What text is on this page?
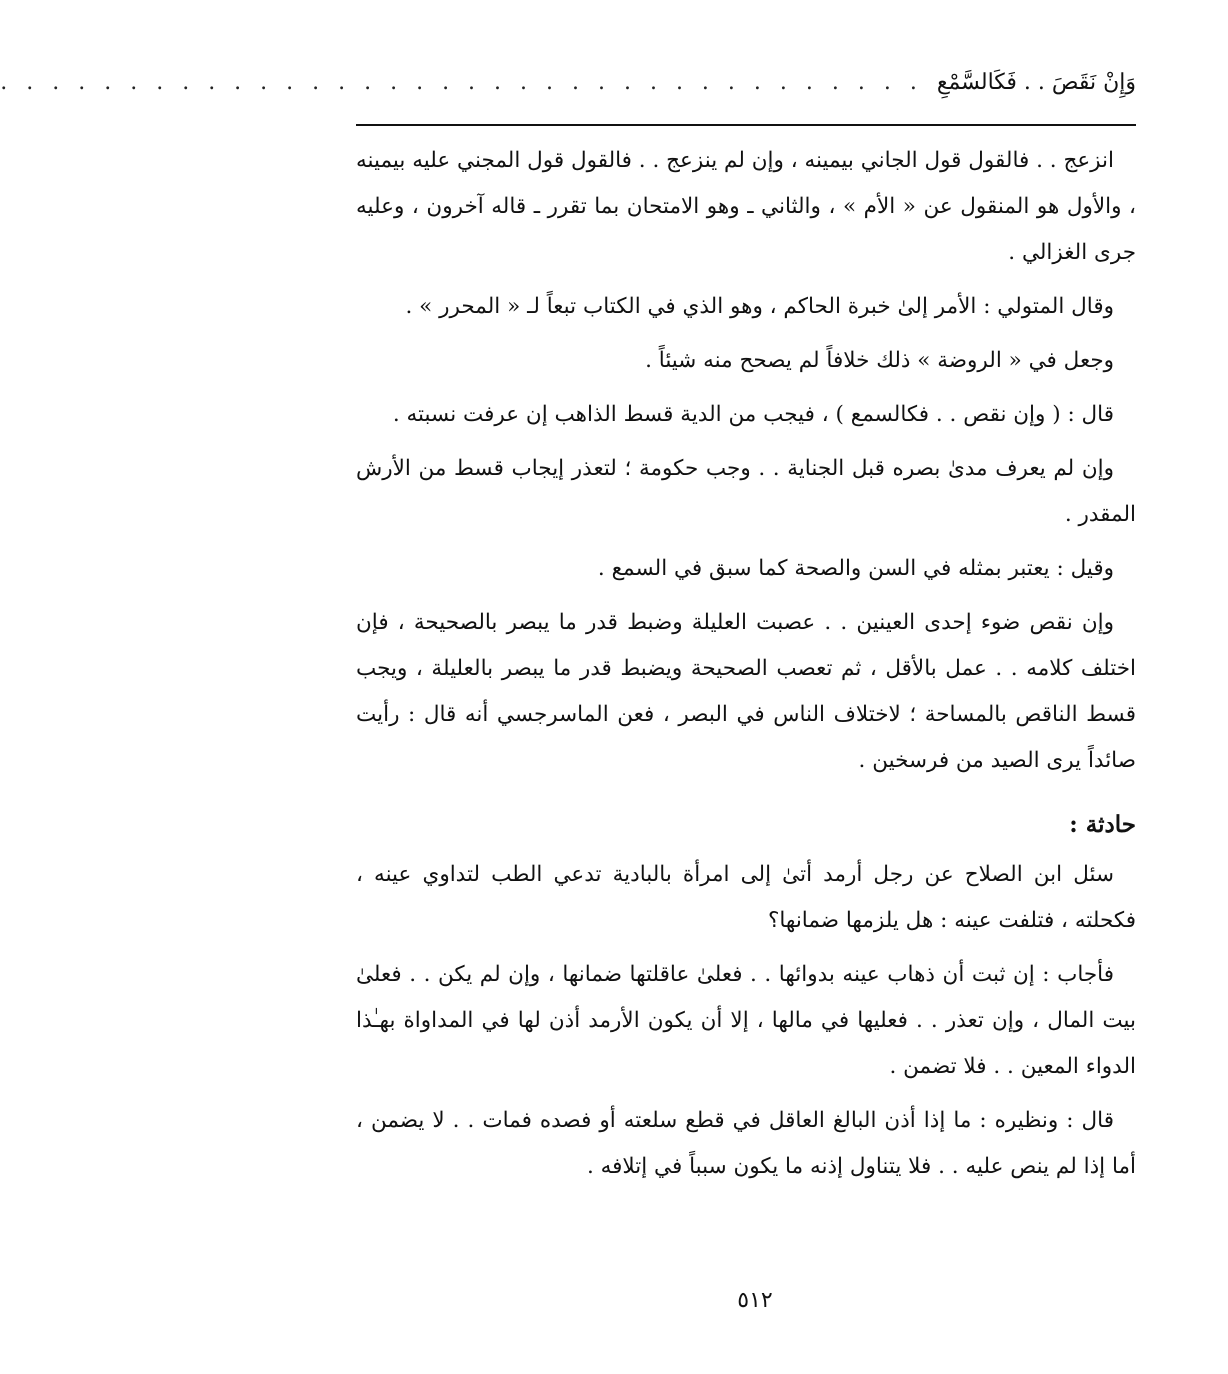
وَإِنْ نَقَصَ . . فَكَالسَّمْعِ
. . . . . . . . . . . . . . . . . . . . . . . . . . . . . . . . . . . .

انزعج . . فالقول قول الجاني بيمينه ، وإن لم ينزعج . . فالقول قول المجني عليه بيمينه ، والأول هو المنقول عن « الأم » ، والثاني ـ وهو الامتحان بما تقرر ـ قاله آخرون ، وعليه جرى الغزالي .

وقال المتولي : الأمر إلىٰ خبرة الحاكم ، وهو الذي في الكتاب تبعاً لـ « المحرر » .

وجعل في « الروضة » ذلك خلافاً لم يصحح منه شيئاً .

قال : ( وإن نقص . . فكالسمع ) ، فيجب من الدية قسط الذاهب إن عرفت نسبته .

وإن لم يعرف مدىٰ بصره قبل الجناية . . وجب حكومة ؛ لتعذر إيجاب قسط من الأرش المقدر .

وقيل : يعتبر بمثله في السن والصحة كما سبق في السمع .

وإن نقص ضوء إحدى العينين . . عصبت العليلة وضبط قدر ما يبصر بالصحيحة ، فإن اختلف كلامه . . عمل بالأقل ، ثم تعصب الصحيحة ويضبط قدر ما يبصر بالعليلة ، ويجب قسط الناقص بالمساحة ؛ لاختلاف الناس في البصر ، فعن الماسرجسي أنه قال : رأيت صائداً يرى الصيد من فرسخين .

حادثة :

سئل ابن الصلاح عن رجل أرمد أتىٰ إلى امرأة بالبادية تدعي الطب لتداوي عينه ، فكحلته ، فتلفت عينه : هل يلزمها ضمانها؟

فأجاب : إن ثبت أن ذهاب عينه بدوائها . . فعلىٰ عاقلتها ضمانها ، وإن لم يكن . . فعلىٰ بيت المال ، وإن تعذر . . فعليها في مالها ، إلا أن يكون الأرمد أذن لها في المداواة بهـٰذا الدواء المعين . . فلا تضمن .

قال : ونظيره : ما إذا أذن البالغ العاقل في قطع سلعته أو فصده فمات . . لا يضمن ، أما إذا لم ينص عليه . . فلا يتناول إذنه ما يكون سبباً في إتلافه .

٥١٢
